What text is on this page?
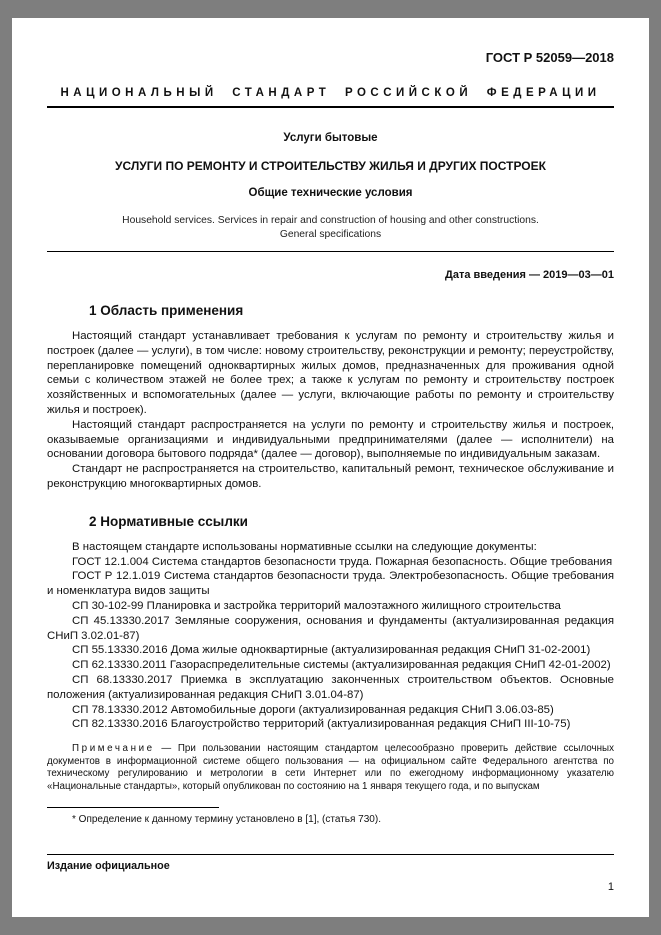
ГОСТ Р 52059—2018
НАЦИОНАЛЬНЫЙ СТАНДАРТ РОССИЙСКОЙ ФЕДЕРАЦИИ
Услуги бытовые
УСЛУГИ ПО РЕМОНТУ И СТРОИТЕЛЬСТВУ ЖИЛЬЯ И ДРУГИХ ПОСТРОЕК
Общие технические условия
Household services. Services in repair and construction of housing and other constructions.
General specifications
Дата введения — 2019—03—01
1 Область применения

Настоящий стандарт устанавливает требования к услугам по ремонту и строительству жилья и построек (далее — услуги), в том числе: новому строительству, реконструкции и ремонту; переустройству, перепланировке помещений одноквартирных жилых домов, предназначенных для проживания одной семьи с количеством этажей не более трех; а также к услугам по ремонту и строительству построек хозяйственных и вспомогательных (далее — услуги, включающие работы по ремонту и строительству жилья и построек).

Настоящий стандарт распространяется на услуги по ремонту и строительству жилья и построек, оказываемые организациями и индивидуальными предпринимателями (далее — исполнители) на основании договора бытового подряда* (далее — договор), выполняемые по индивидуальным заказам.

Стандарт не распространяется на строительство, капитальный ремонт, техническое обслуживание и реконструкцию многоквартирных домов.

2 Нормативные ссылки

В настоящем стандарте использованы нормативные ссылки на следующие документы:

ГОСТ 12.1.004 Система стандартов безопасности труда. Пожарная безопасность. Общие требования

ГОСТ Р 12.1.019 Система стандартов безопасности труда. Электробезопасность. Общие требования и номенклатура видов защиты

СП 30-102-99 Планировка и застройка территорий малоэтажного жилищного строительства

СП 45.13330.2017 Земляные сооружения, основания и фундаменты (актуализированная редакция СНиП 3.02.01-87)

СП 55.13330.2016 Дома жилые одноквартирные (актуализированная редакция СНиП 31-02-2001)

СП 62.13330.2011 Газораспределительные системы (актуализированная редакция СНиП 42-01-2002)

СП 68.13330.2017 Приемка в эксплуатацию законченных строительством объектов. Основные положения (актуализированная редакция СНиП 3.01.04-87)

СП 78.13330.2012 Автомобильные дороги (актуализированная редакция СНиП 3.06.03-85)

СП 82.13330.2016 Благоустройство территорий (актуализированная редакция СНиП III-10-75)

Примечание — При пользовании настоящим стандартом целесообразно проверить действие ссылочных документов в информационной системе общего пользования — на официальном сайте Федерального агентства по техническому регулированию и метрологии в сети Интернет или по ежегодному информационному указателю «Национальные стандарты», который опубликован по состоянию на 1 января текущего года, и по выпускам

* Определение к данному термину установлено в [1], (статья 730).

Издание официальное
1
